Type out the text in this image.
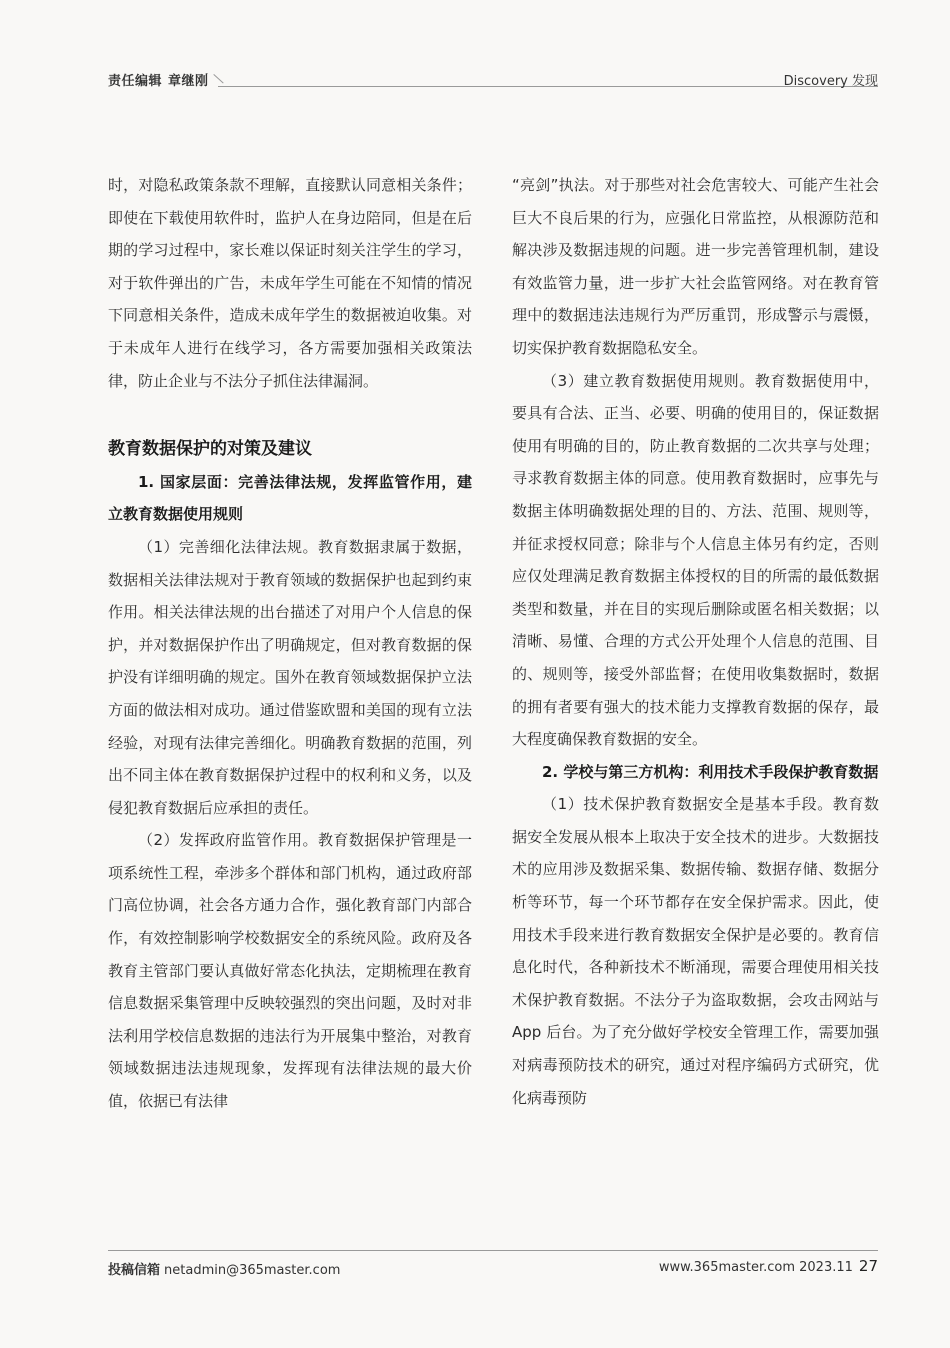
责任编辑 章继刚	Discovery 发现

时，对隐私政策条款不理解，直接默认同意相关条件；即使在下载使用软件时，监护人在身边陪同，但是在后期的学习过程中，家长难以保证时刻关注学生的学习，对于软件弹出的广告，未成年学生可能在不知情的情况下同意相关条件，造成未成年学生的数据被迫收集。对于未成年人进行在线学习，各方需要加强相关政策法律，防止企业与不法分子抓住法律漏洞。

教育数据保护的对策及建议
1. 国家层面：完善法律法规，发挥监管作用，建立教育数据使用规则

（1）完善细化法律法规。教育数据隶属于数据，数据相关法律法规对于教育领域的数据保护也起到约束作用。相关法律法规的出台描述了对用户个人信息的保护，并对数据保护作出了明确规定，但对教育数据的保护没有详细明确的规定。国外在教育领域数据保护立法方面的做法相对成功。通过借鉴欧盟和美国的现有立法经验，对现有法律完善细化。明确教育数据的范围，列出不同主体在教育数据保护过程中的权利和义务，以及侵犯教育数据后应承担的责任。

（2）发挥政府监管作用。教育数据保护管理是一项系统性工程，牵涉多个群体和部门机构，通过政府部门高位协调，社会各方通力合作，强化教育部门内部合作，有效控制影响学校数据安全的系统风险。政府及各教育主管部门要认真做好常态化执法，定期梳理在教育信息数据采集管理中反映较强烈的突出问题，及时对非法利用学校信息数据的违法行为开展集中整治，对教育领域数据违法违规现象，发挥现有法律法规的最大价值，依据已有法律

“亮剑”执法。对于那些对社会危害较大、可能产生社会巨大不良后果的行为，应强化日常监控，从根源防范和解决涉及数据违规的问题。进一步完善管理机制，建设有效监管力量，进一步扩大社会监管网络。对在教育管理中的数据违法违规行为严厉重罚，形成警示与震慑，切实保护教育数据隐私安全。

（3）建立教育数据使用规则。教育数据使用中，要具有合法、正当、必要、明确的使用目的，保证数据使用有明确的目的，防止教育数据的二次共享与处理；寻求教育数据主体的同意。使用教育数据时，应事先与数据主体明确数据处理的目的、方法、范围、规则等，并征求授权同意；除非与个人信息主体另有约定，否则应仅处理满足教育数据主体授权的目的所需的最低数据类型和数量，并在目的实现后删除或匿名相关数据；以清晰、易懂、合理的方式公开处理个人信息的范围、目的、规则等，接受外部监督；在使用收集数据时，数据的拥有者要有强大的技术能力支撑教育数据的保存，最大程度确保教育数据的安全。

2. 学校与第三方机构：利用技术手段保护教育数据

（1）技术保护教育数据安全是基本手段。教育数据安全发展从根本上取决于安全技术的进步。大数据技术的应用涉及数据采集、数据传输、数据存储、数据分析等环节，每一个环节都存在安全保护需求。因此，使用技术手段来进行教育数据安全保护是必要的。教育信息化时代，各种新技术不断涌现，需要合理使用相关技术保护教育数据。不法分子为盗取数据，会攻击网站与App 后台。为了充分做好学校安全管理工作，需要加强对病毒预防技术的研究，通过对程序编码方式研究，优化病毒预防

投稿信箱 netadmin@365master.com	www.365master.com 2023.11 27
